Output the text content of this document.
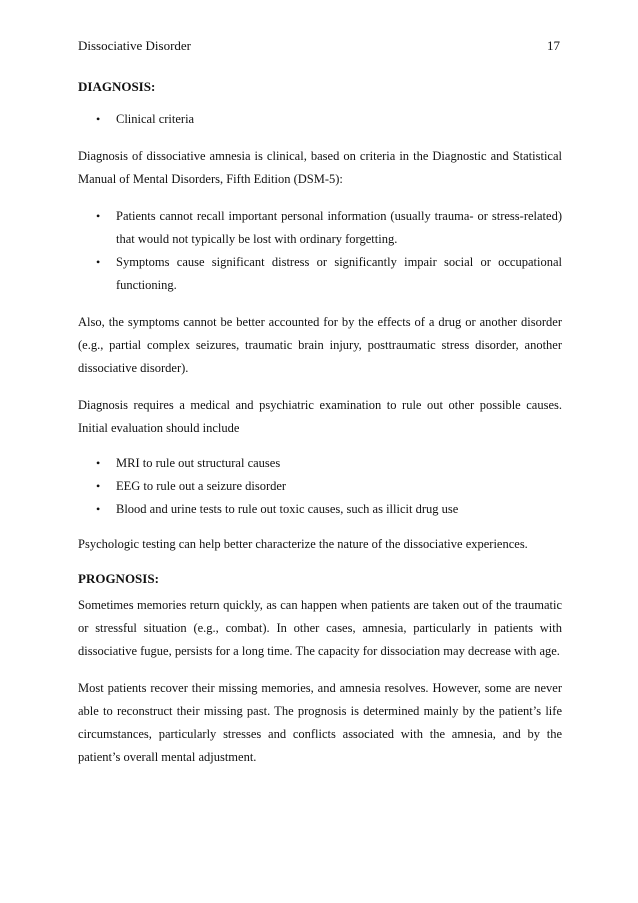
Dissociative Disorder	17

DIAGNOSIS:

• Clinical criteria

Diagnosis of dissociative amnesia is clinical, based on criteria in the Diagnostic and Statistical Manual of Mental Disorders, Fifth Edition (DSM-5):

• Patients cannot recall important personal information (usually trauma- or stress-related) that would not typically be lost with ordinary forgetting.
• Symptoms cause significant distress or significantly impair social or occupational functioning.

Also, the symptoms cannot be better accounted for by the effects of a drug or another disorder (e.g., partial complex seizures, traumatic brain injury, posttraumatic stress disorder, another dissociative disorder).

Diagnosis requires a medical and psychiatric examination to rule out other possible causes. Initial evaluation should include

• MRI to rule out structural causes
• EEG to rule out a seizure disorder
• Blood and urine tests to rule out toxic causes, such as illicit drug use

Psychologic testing can help better characterize the nature of the dissociative experiences.

PROGNOSIS:

Sometimes memories return quickly, as can happen when patients are taken out of the traumatic or stressful situation (e.g., combat). In other cases, amnesia, particularly in patients with dissociative fugue, persists for a long time. The capacity for dissociation may decrease with age.

Most patients recover their missing memories, and amnesia resolves. However, some are never able to reconstruct their missing past. The prognosis is determined mainly by the patient’s life circumstances, particularly stresses and conflicts associated with the amnesia, and by the patient’s overall mental adjustment.
